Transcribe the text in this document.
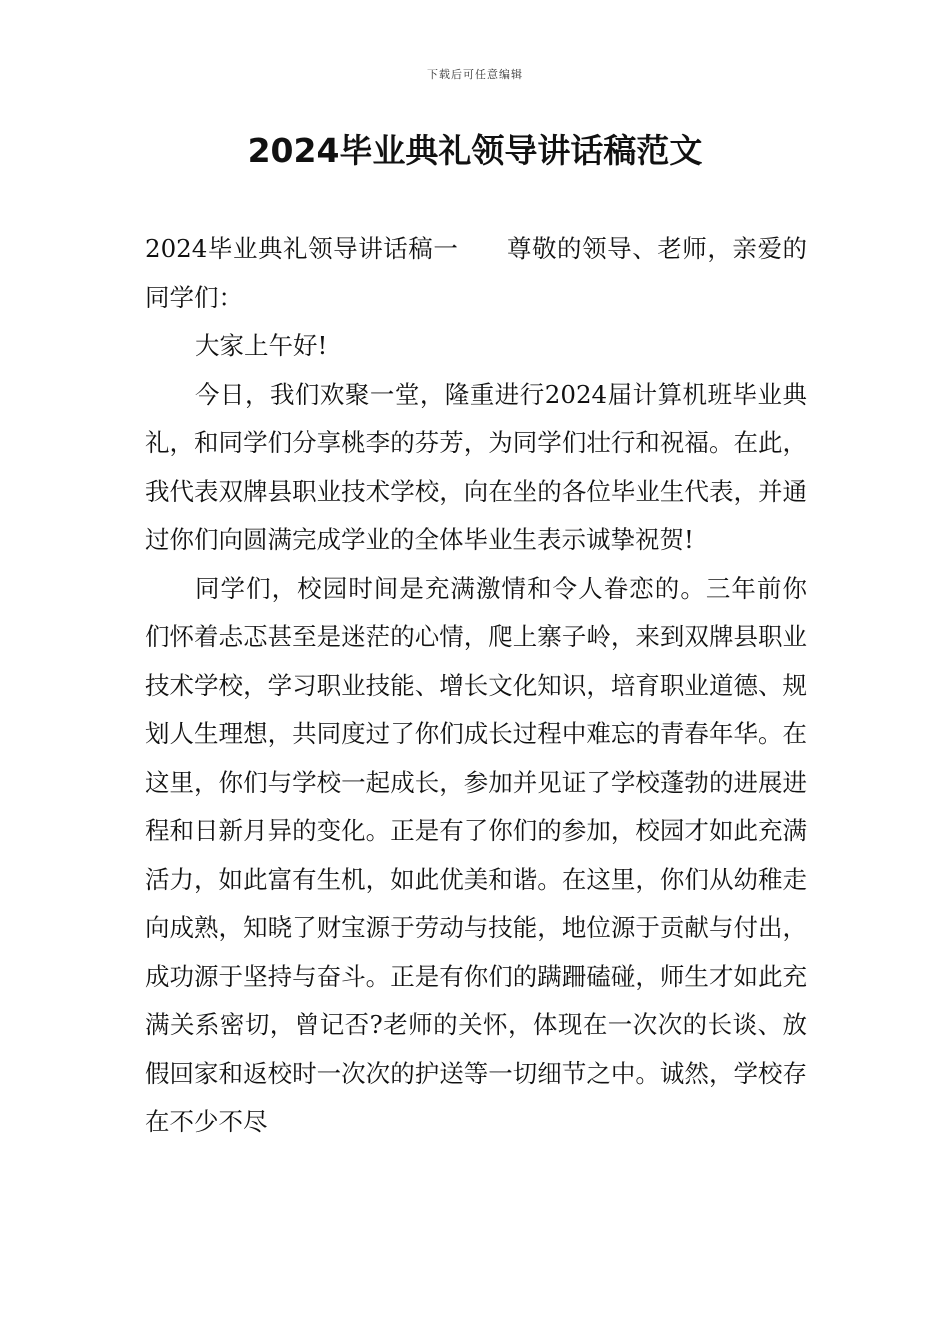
下载后可任意编辑
2024毕业典礼领导讲话稿范文

2024毕业典礼领导讲话稿一 尊敬的领导、老师，亲爱的同学们：

大家上午好!

今日，我们欢聚一堂，隆重进行2024届计算机班毕业典礼，和同学们分享桃李的芬芳，为同学们壮行和祝福。在此，我代表双牌县职业技术学校，向在坐的各位毕业生代表，并通过你们向圆满完成学业的全体毕业生表示诚挚祝贺!

同学们，校园时间是充满激情和令人眷恋的。三年前你们怀着忐忑甚至是迷茫的心情，爬上寨子岭，来到双牌县职业技术学校，学习职业技能、增长文化知识，培育职业道德、规划人生理想，共同度过了你们成长过程中难忘的青春年华。在这里，你们与学校一起成长，参加并见证了学校蓬勃的进展进程和日新月异的变化。正是有了你们的参加，校园才如此充满活力，如此富有生机，如此优美和谐。在这里，你们从幼稚走向成熟，知晓了财宝源于劳动与技能，地位源于贡献与付出，成功源于坚持与奋斗。正是有你们的蹒跚磕碰，师生才如此充满关系密切，曾记否?老师的关怀，体现在一次次的长谈、放假回家和返校时一次次的护送等一切细节之中。诚然，学校存在不少不尽
